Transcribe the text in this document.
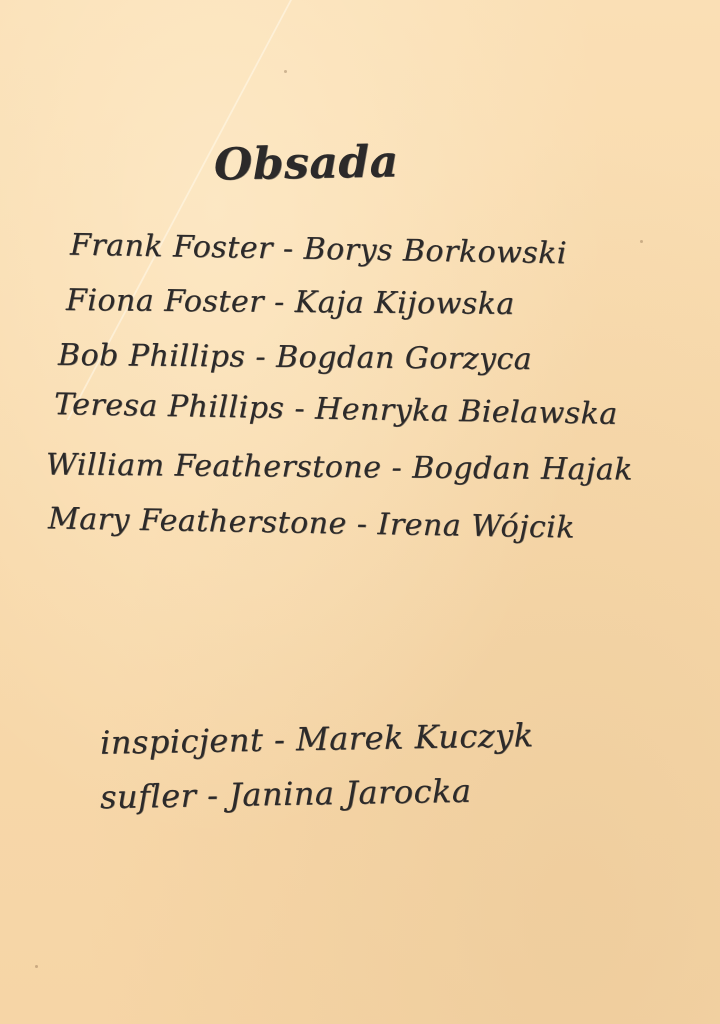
Obsada
Frank Foster - Borys Borkowski
Fiona Foster - Kaja Kijowska
Bob Phillips - Bogdan Gorzyca
Teresa Phillips - Henryka Bielawska
William Featherstone - Bogdan Hajak
Mary Featherstone - Irena Wójcik
inspicjent - Marek Kuczyk
sufler - Janina Jarocka
